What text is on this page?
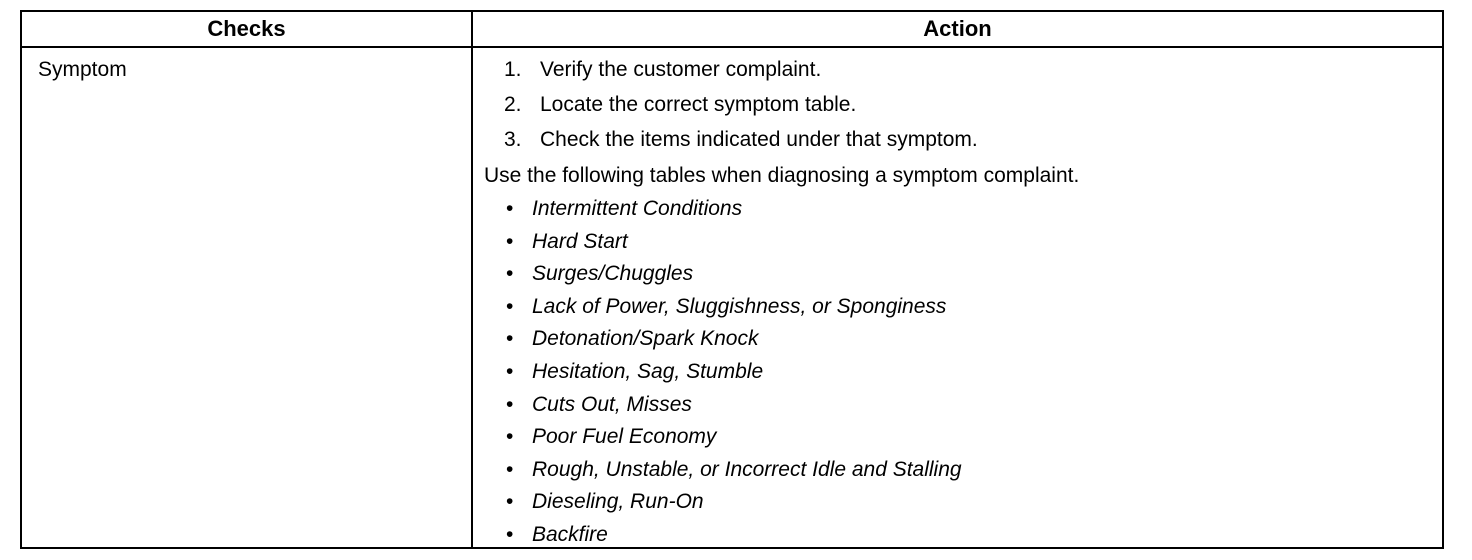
Checks	Action
Symptom	1. Verify the customer complaint.
2. Locate the correct symptom table.
3. Check the items indicated under that symptom.
Use the following tables when diagnosing a symptom complaint.
• Intermittent Conditions
• Hard Start
• Surges/Chuggles
• Lack of Power, Sluggishness, or Sponginess
• Detonation/Spark Knock
• Hesitation, Sag, Stumble
• Cuts Out, Misses
• Poor Fuel Economy
• Rough, Unstable, or Incorrect Idle and Stalling
• Dieseling, Run-On
• Backfire
